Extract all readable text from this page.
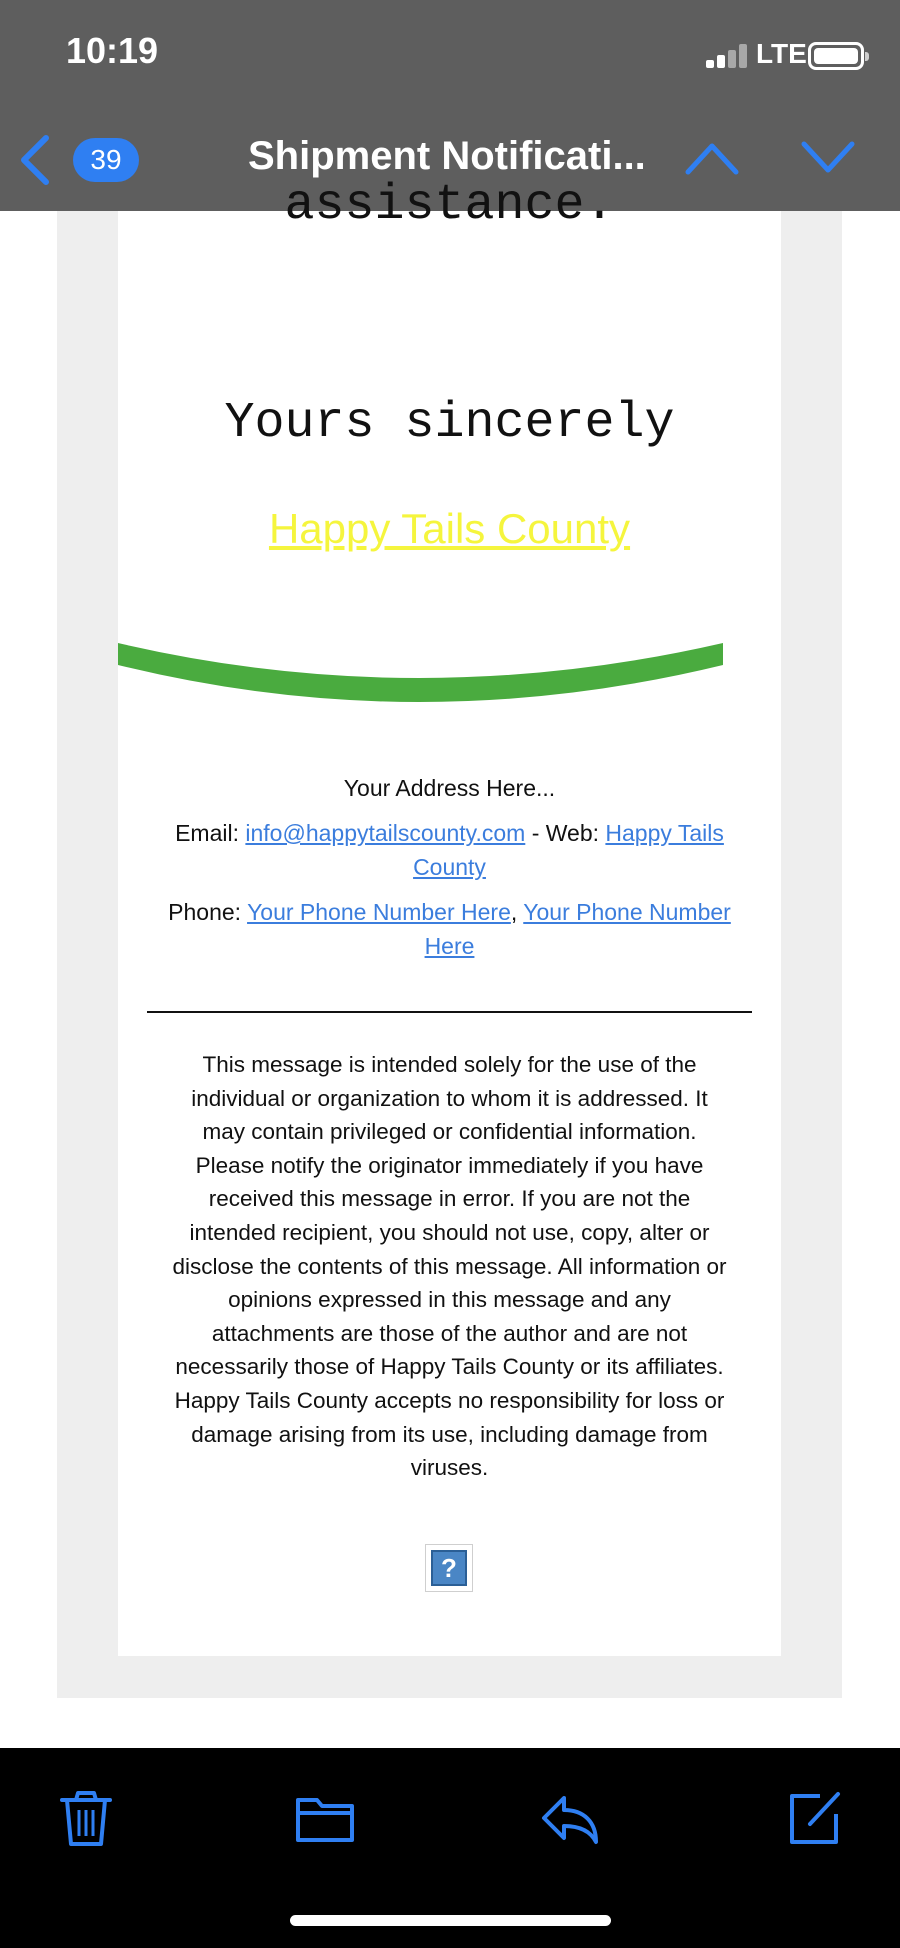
10:19	LTE
39	Shipment Notificati...
assistance.
Yours sincerely
Happy Tails County
Your Address Here...
Email: info@happytailscounty.com - Web: Happy Tails County
Phone: Your Phone Number Here, Your Phone Number Here
This message is intended solely for the use of the individual or organization to whom it is addressed. It may contain privileged or confidential information. Please notify the originator immediately if you have received this message in error. If you are not the intended recipient, you should not use, copy, alter or disclose the contents of this message. All information or opinions expressed in this message and any attachments are those of the author and are not necessarily those of Happy Tails County or its affiliates. Happy Tails County accepts no responsibility for loss or damage arising from its use, including damage from viruses.
?
